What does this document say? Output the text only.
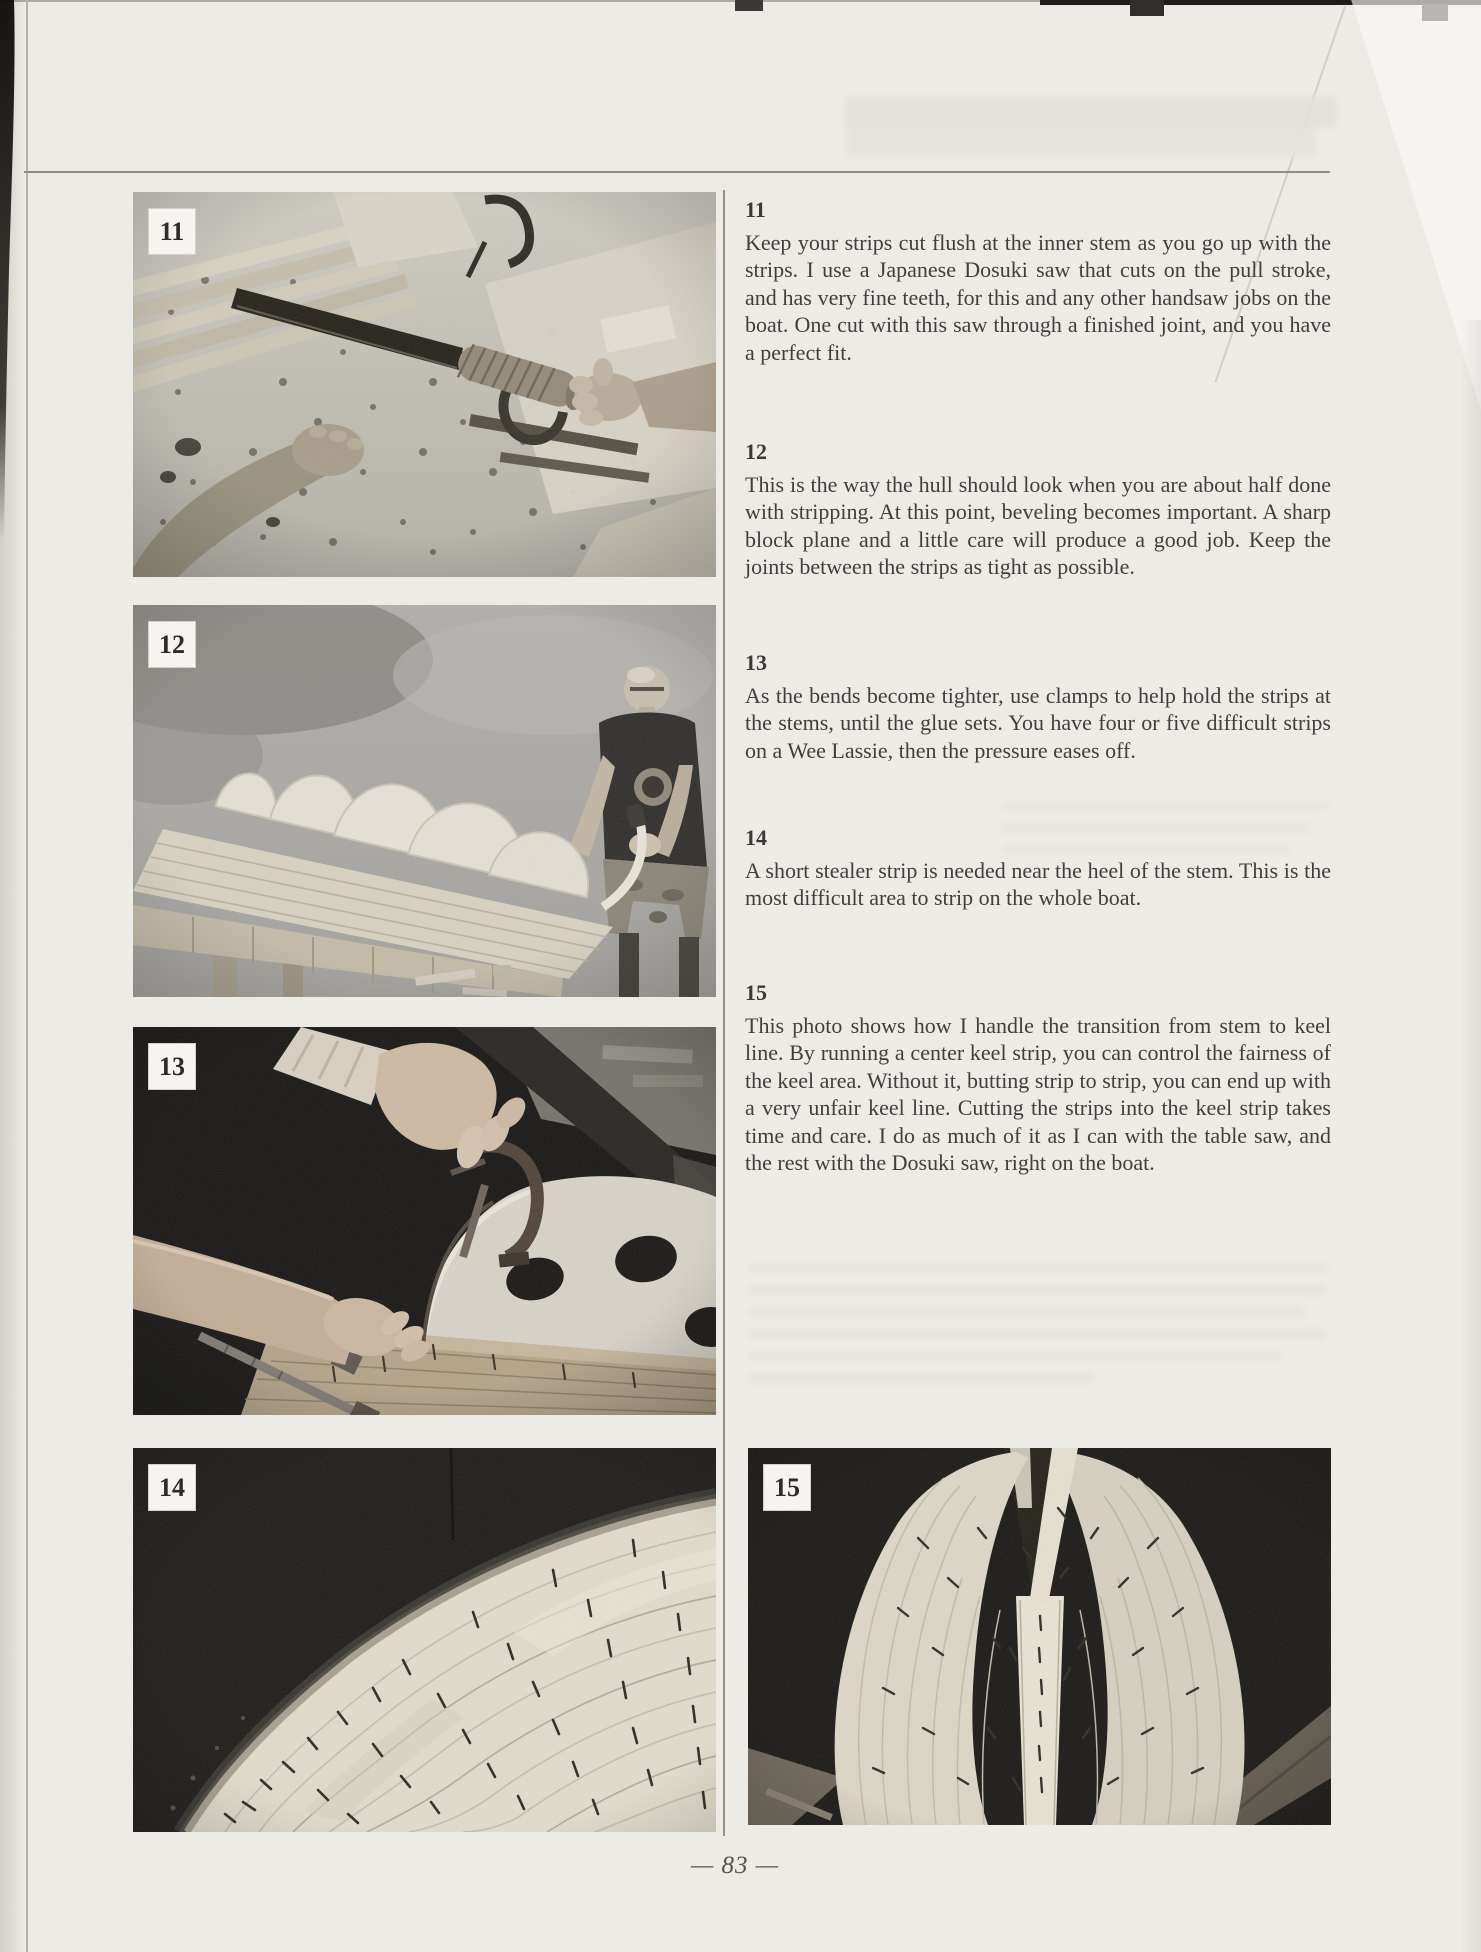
11
12
13
14	15
11

Keep your strips cut flush at the inner stem as you go up with the strips. I use a Japanese Dosuki saw that cuts on the pull stroke, and has very fine teeth, for this and any other handsaw jobs on the boat. One cut with this saw through a finished joint, and you have a perfect fit.

12

This is the way the hull should look when you are about half done with stripping. At this point, beveling becomes important. A sharp block plane and a little care will produce a good job. Keep the joints between the strips as tight as possible.

13

As the bends become tighter, use clamps to help hold the strips at the stems, until the glue sets. You have four or five difficult strips on a Wee Lassie, then the pressure eases off.

14

A short stealer strip is needed near the heel of the stem. This is the most difficult area to strip on the whole boat.

15

This photo shows how I handle the transition from stem to keel line. By running a center keel strip, you can control the fairness of the keel area. Without it, butting strip to strip, you can end up with a very unfair keel line. Cutting the strips into the keel strip takes time and care. I do as much of it as I can with the table saw, and the rest with the Dosuki saw, right on the boat.

— 83 —
